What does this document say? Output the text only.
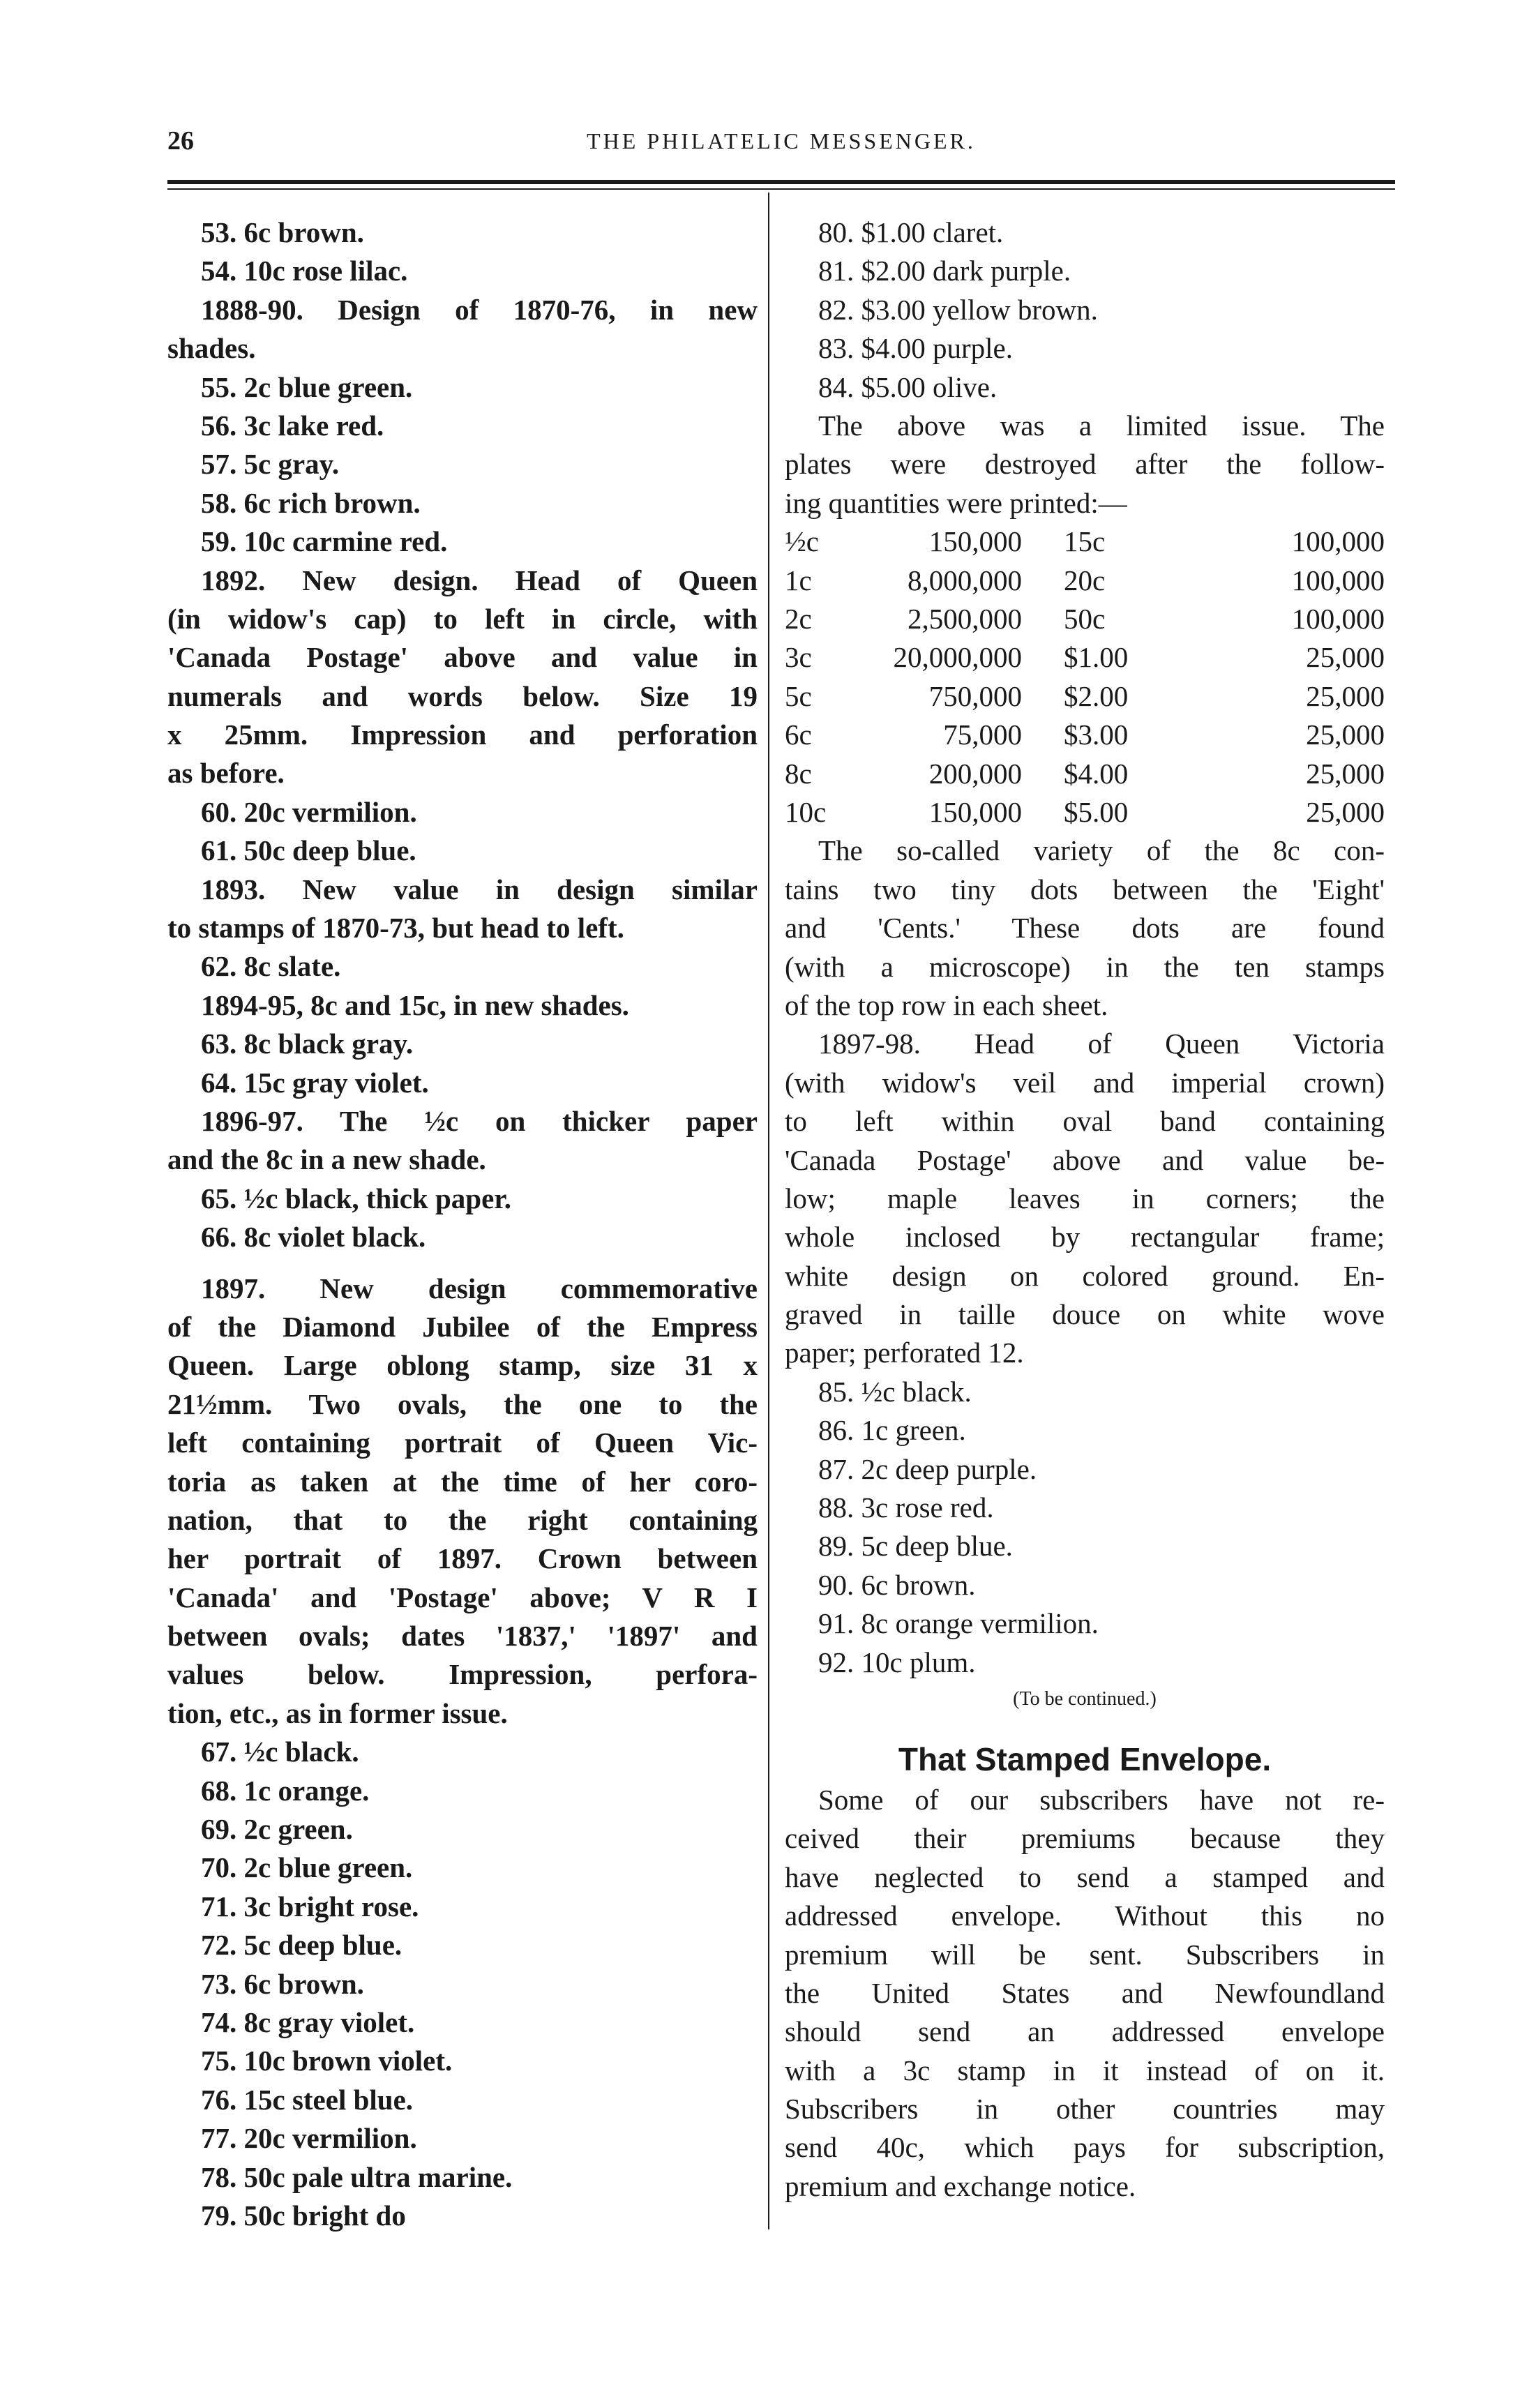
26	THE PHILATELIC MESSENGER.
53. 6c brown.
54. 10c rose lilac.
1888-90. Design of 1870-76, in new
shades.
55. 2c blue green.
56. 3c lake red.
57. 5c gray.
58. 6c rich brown.
59. 10c carmine red.
1892. New design. Head of Queen
(in widow's cap) to left in circle, with
'Canada Postage' above and value in
numerals and words below. Size 19
x 25mm. Impression and perforation
as before.
60. 20c vermilion.
61. 50c deep blue.
1893. New value in design similar
to stamps of 1870-73, but head to left.
62. 8c slate.
1894-95, 8c and 15c, in new shades.
63. 8c black gray.
64. 15c gray violet.
1896-97. The ½c on thicker paper
and the 8c in a new shade.
65. ½c black, thick paper.
66. 8c violet black.
1897. New design commemorative
of the Diamond Jubilee of the Empress
Queen. Large oblong stamp, size 31 x
21½mm. Two ovals, the one to the
left containing portrait of Queen Vic-
toria as taken at the time of her coro-
nation, that to the right containing
her portrait of 1897. Crown between
'Canada' and 'Postage' above; V R I
between ovals; dates '1837,' '1897' and
values below. Impression, perfora-
tion, etc., as in former issue.
67. ½c black.
68. 1c orange.
69. 2c green.
70. 2c blue green.
71. 3c bright rose.
72. 5c deep blue.
73. 6c brown.
74. 8c gray violet.
75. 10c brown violet.
76. 15c steel blue.
77. 20c vermilion.
78. 50c pale ultra marine.
79. 50c bright do
80. $1.00 claret.
81. $2.00 dark purple.
82. $3.00 yellow brown.
83. $4.00 purple.
84. $5.00 olive.
The above was a limited issue. The
plates were destroyed after the follow-
ing quantities were printed:—
½c	150,000	15c	100,000
1c	8,000,000	20c	100,000
2c	2,500,000	50c	100,000
3c	20,000,000	$1.00	25,000
5c	750,000	$2.00	25,000
6c	75,000	$3.00	25,000
8c	200,000	$4.00	25,000
10c	150,000	$5.00	25,000
The so-called variety of the 8c con-
tains two tiny dots between the 'Eight'
and 'Cents.' These dots are found
(with a microscope) in the ten stamps
of the top row in each sheet.
1897-98. Head of Queen Victoria
(with widow's veil and imperial crown)
to left within oval band containing
'Canada Postage' above and value be-
low; maple leaves in corners; the
whole inclosed by rectangular frame;
white design on colored ground. En-
graved in taille douce on white wove
paper; perforated 12.
85. ½c black.
86. 1c green.
87. 2c deep purple.
88. 3c rose red.
89. 5c deep blue.
90. 6c brown.
91. 8c orange vermilion.
92. 10c plum.
(To be continued.)
That Stamped Envelope.
Some of our subscribers have not re-
ceived their premiums because they
have neglected to send a stamped and
addressed envelope. Without this no
premium will be sent. Subscribers in
the United States and Newfoundland
should send an addressed envelope
with a 3c stamp in it instead of on it.
Subscribers in other countries may
send 40c, which pays for subscription,
premium and exchange notice.
